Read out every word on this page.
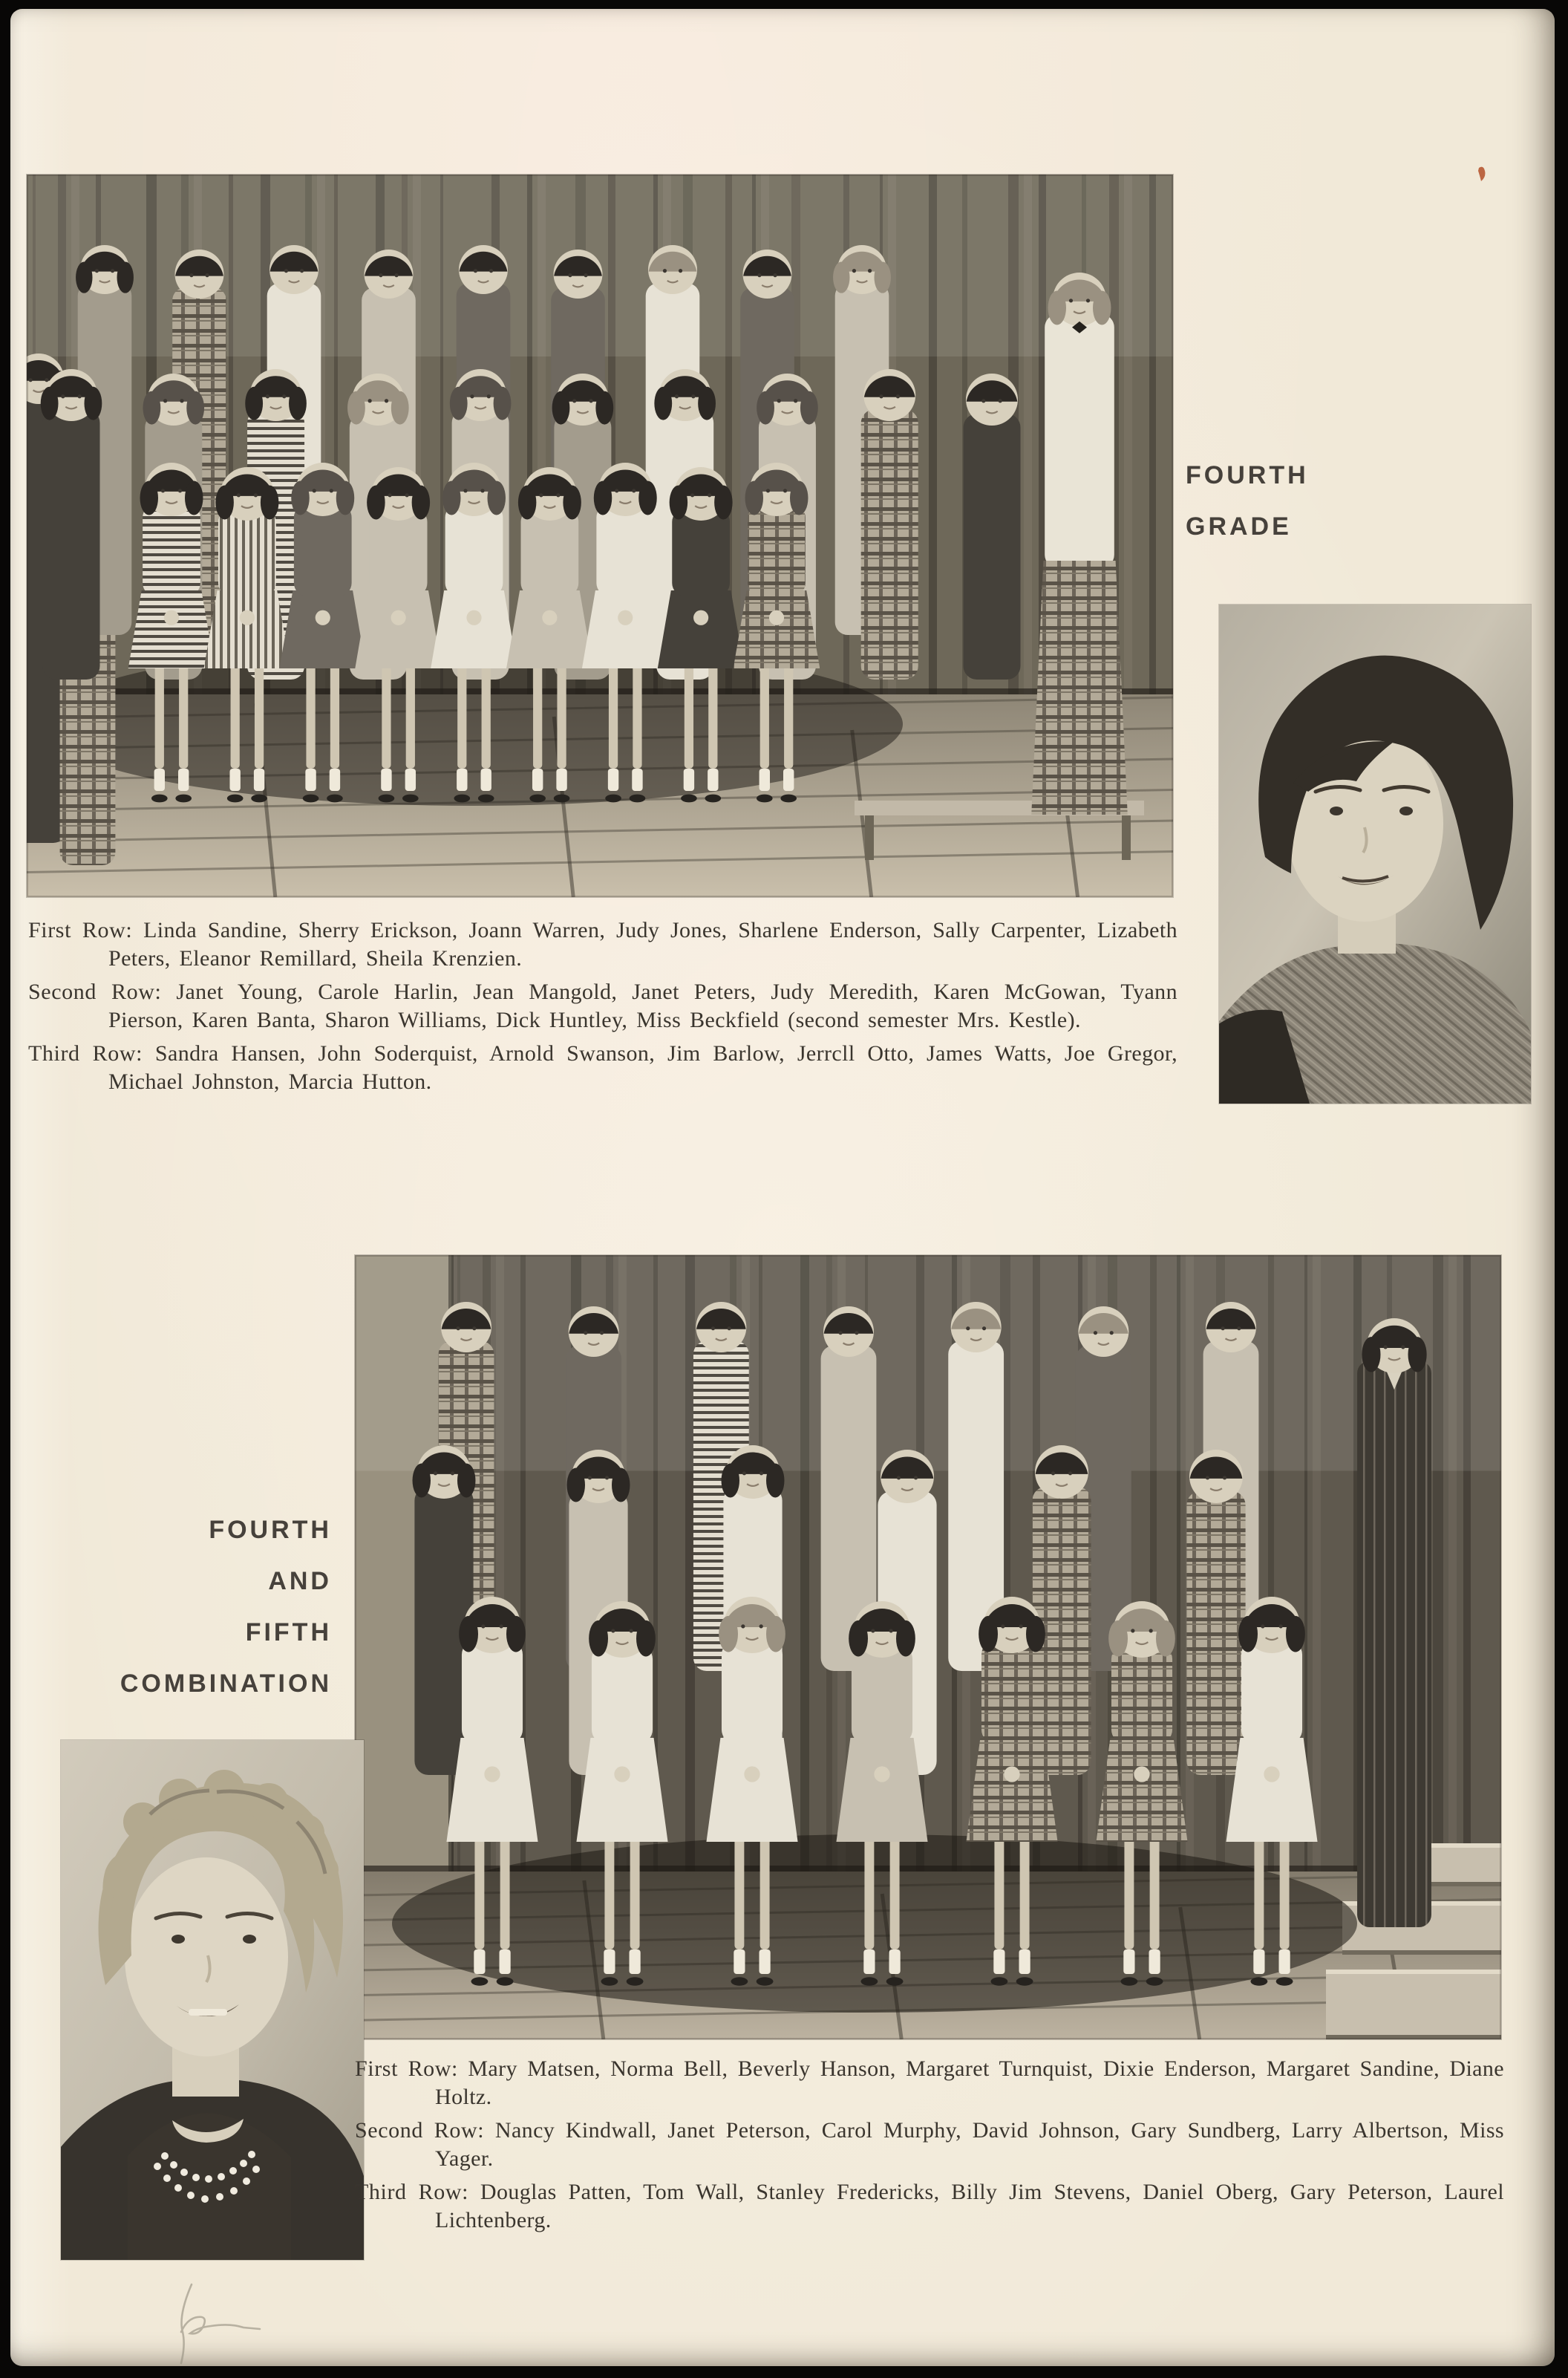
FOURTH
GRADE

First Row: Linda Sandine, Sherry Erickson, Joann Warren, Judy Jones, Sharlene Enderson, Sally Carpenter, Lizabeth Peters, Eleanor Remillard, Sheila Krenzien.

Second Row: Janet Young, Carole Harlin, Jean Mangold, Janet Peters, Judy Meredith, Karen McGowan, Tyann Pierson, Karen Banta, Sharon Williams, Dick Huntley, Miss Beckfield (second semester Mrs. Kestle).

Third Row: Sandra Hansen, John Soderquist, Arnold Swanson, Jim Barlow, Jerrcll Otto, James Watts, Joe Gregor, Michael Johnston, Marcia Hutton.

FOURTH
AND
FIFTH
COMBINATION

First Row: Mary Matsen, Norma Bell, Beverly Hanson, Margaret Turnquist, Dixie Enderson, Margaret Sandine, Diane Holtz.

Second Row: Nancy Kindwall, Janet Peterson, Carol Murphy, David Johnson, Gary Sundberg, Larry Albertson, Miss Yager.

Third Row: Douglas Patten, Tom Wall, Stanley Fredericks, Billy Jim Stevens, Daniel Oberg, Gary Peterson, Laurel Lichtenberg.
